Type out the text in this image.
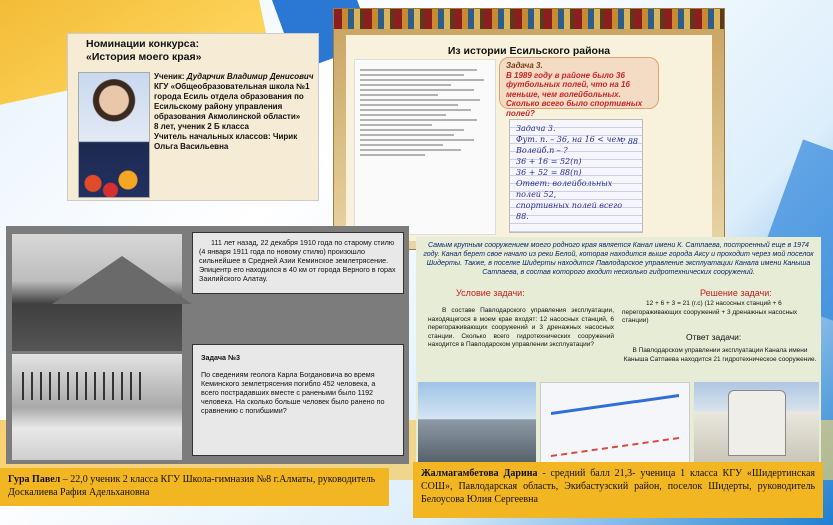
Номинации конкурса:
«История моего края»
Ученик: Дударчик Владимир Денисович
КГУ «Общеобразовательная школа №1 города Есиль отдела образования по Есильскому району управления образования Акмолинской области»
8 лет, ученик 2 Б класса
Учитель начальных классов: Чирик Ольга Васильевна
Из истории Есильского района
Задача 3.
В 1989 году в районе было 36 футбольных полей, что на 16 меньше, чем волейбольных. Сколько всего было спортивных полей?
Задача 3.
Фут. п. – 36, на 16 < чем
Волейб.п – ?
36 + 16 = 52(п)
36 + 52 = 88(п)
Ответ: волейбольных полей 52,
спортивных полей всего 88.
? 88
111 лет назад, 22 декабря 1910 года по старому стилю (4 января 1911 года по новому стилю) произошло сильнейшее в Средней Азии Кеминское землетрясение. Эпицентр его находился в 40 км от города Верного в горах Заилийского Алатау.
Задача №3
По сведениям геолога Карла Богдановича во время Кеминского землетрясения погибло 452 человека, а всего пострадавших вместе с ранеными было 1192 человека. На сколько больше человек было ранено по сравнению с погибшими?
Самым крупным сооружением моего родного края является Канал имени К. Сатпаева, построенный еще в 1974 году. Канал берет свое начало из реки Белой, которая находится выше города Аксу и проходит через мой поселок Шидерты. Также, в поселке Шидерты находится Павлодарское управление эксплуатации Канала имени Каныша Сатпаева, в состав которого входит несколько гидротехнических сооружений.
Условие задачи:	Решение задачи:
В составе Павлодарского управления эксплуатации, находящегося в моем крае входят: 12 насосных станций, 6 перегораживающих сооружений и 3 дренажных насосных станции. Сколько всего гидротехнических сооружений находится в Павлодарском управлении эксплуатации?
12 + 6 + 3 = 21 (г.с) (12 насосных станций + 6 перегораживающих сооружений + 3 дренажных насосных станции)
Ответ задачи:
В Павлодарском управлении эксплуатации Канала имени Каныша Сатпаева находится 21 гидротехническое сооружение.
Гура Павел – 22,0 ученик 2 класса КГУ Школа-гимназия №8 г.Алматы, руководитель Доскалиева Рафия Адельхановна
Жалмагамбетова Дарина - средний балл 21,3- ученица 1 класса КГУ «Шидертинская СОШ», Павлодарская область, Экибастузский район, поселок Шидерты, руководитель Белоусова Юлия Сергеевна
